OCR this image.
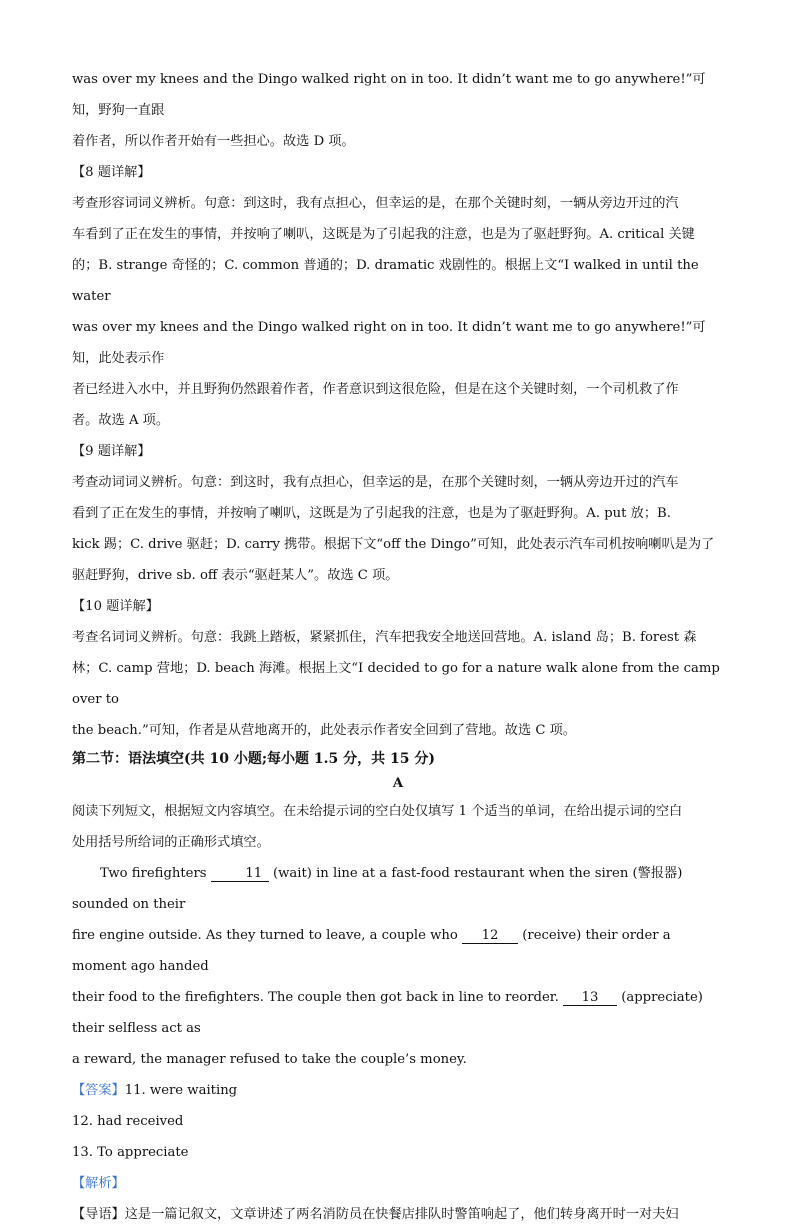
was over my knees and the Dingo walked right on in too. It didn’t want me to go anywhere!”可知，野狗一直跟

着作者，所以作者开始有一些担心。故选 D 项。

【8 题详解】

考查形容词词义辨析。句意：到这时，我有点担心，但幸运的是，在那个关键时刻，一辆从旁边开过的汽

车看到了正在发生的事情，并按响了喇叭，这既是为了引起我的注意，也是为了驱赶野狗。A. critical 关键

的；B. strange 奇怪的；C. common 普通的；D. dramatic 戏剧性的。根据上文“I walked in until the water

was over my knees and the Dingo walked right on in too. It didn’t want me to go anywhere!”可知，此处表示作

者已经进入水中，并且野狗仍然跟着作者，作者意识到这很危险，但是在这个关键时刻，一个司机救了作

者。故选 A 项。

【9 题详解】

考查动词词义辨析。句意：到这时，我有点担心，但幸运的是，在那个关键时刻，一辆从旁边开过的汽车

看到了正在发生的事情，并按响了喇叭，这既是为了引起我的注意，也是为了驱赶野狗。A. put 放；B.

kick 踢；C. drive 驱赶；D. carry 携带。根据下文“off the Dingo”可知，此处表示汽车司机按响喇叭是为了

驱赶野狗，drive sb. off 表示“驱赶某人”。故选 C 项。

【10 题详解】

考查名词词义辨析。句意：我跳上踏板，紧紧抓住，汽车把我安全地送回营地。A. island 岛；B. forest 森

林；C. camp 营地；D. beach 海滩。根据上文“I decided to go for a nature walk alone from the camp over to

the beach.”可知，作者是从营地离开的，此处表示作者安全回到了营地。故选 C 项。

第二节：语法填空(共 10 小题;每小题 1.5 分，共 15 分)

A

阅读下列短文，根据短文内容填空。在未给提示词的空白处仅填写 1 个适当的单词，在给出提示词的空白

处用括号所给词的正确形式填空。

Two firefighters	11 (wait) in line at a fast-food restaurant when the siren (警报器) sounded on their

fire engine outside. As they turned to leave, a couple who 12 (receive) their order a moment ago handed

their food to the firefighters. The couple then got back in line to reorder. 13 (appreciate) their selfless act as

a reward, the manager refused to take the couple’s money.

【答案】11. were waiting

12. had received

13. To appreciate

【解析】

【导语】这是一篇记叙文，文章讲述了两名消防员在快餐店排队时警笛响起了，他们转身离开时一对夫妇
